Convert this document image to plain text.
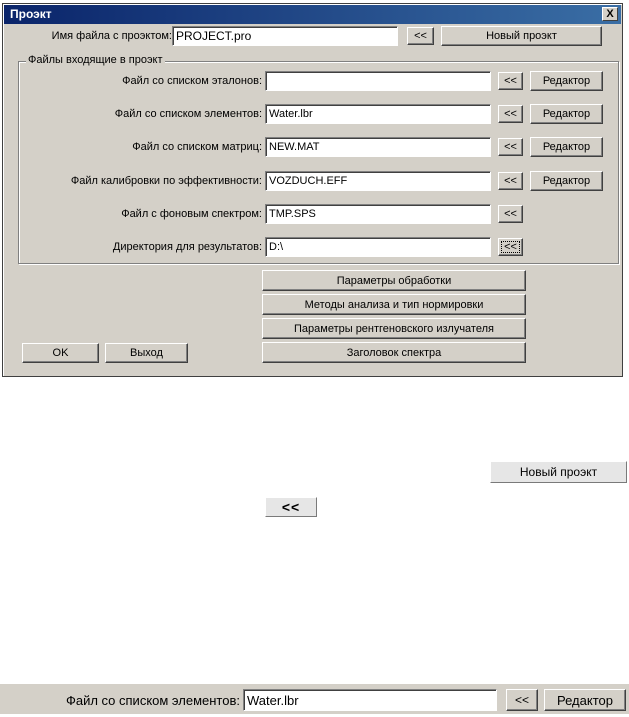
Проэкт	X
Имя файла с проэктом: PROJECT.pro	<<	Новый проэкт
Файлы входящие в проэкт
Файл со списком эталонов:	<<	Редактор
Файл со списком элементов: Water.lbr	<<	Редактор
Файл со списком матриц: NEW.MAT	<<	Редактор
Файл калибровки по эффективности: VOZDUCH.EFF	<<	Редактор
Файл с фоновым спектром: TMP.SPS	<<
Директория для результатов: D:\	<<
Параметры обработки
Методы анализа и тип нормировки
Параметры рентгеновского излучателя
Заголовок спектра
OK	Выход
Новый проэкт
<<
Файл со списком элементов: Water.lbr	<<	Редактор
